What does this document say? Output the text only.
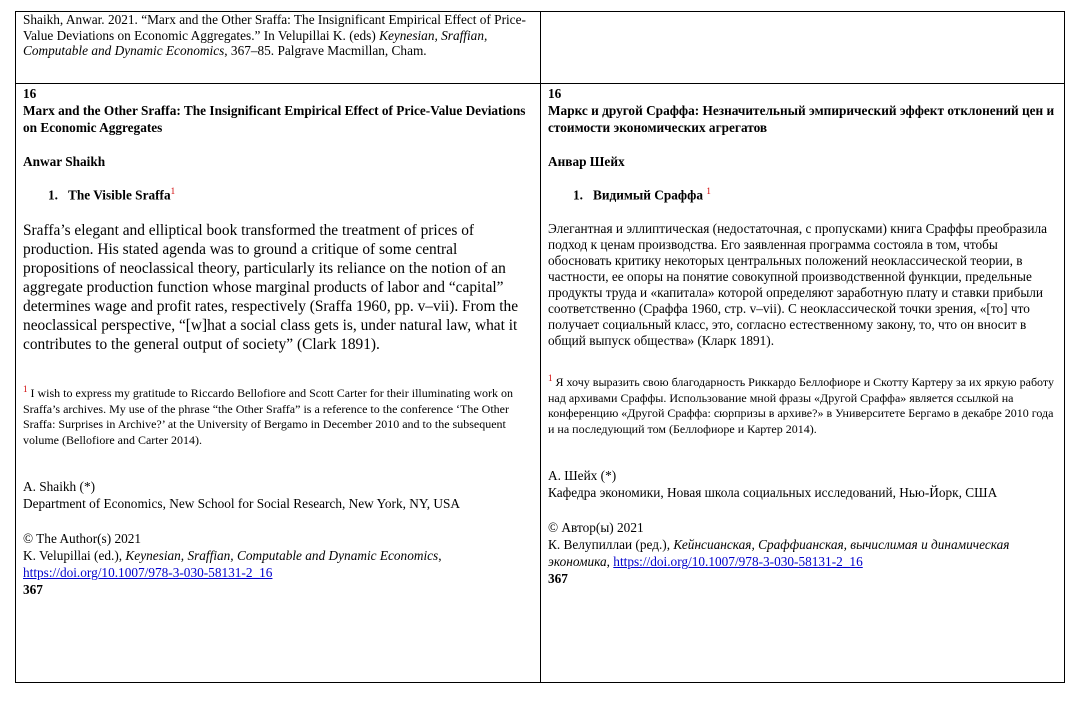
Shaikh, Anwar. 2021. “Marx and the Other Sraffa: The Insignificant Empirical Effect of Price-Value Deviations on Economic Aggregates.” In Velupillai K. (eds) Keynesian, Sraffian, Computable and Dynamic Economics, 367–85. Palgrave Macmillan, Cham.
16
Marx and the Other Sraffa: The Insignificant Empirical Effect of Price-Value Deviations on Economic Aggregates
Anwar Shaikh
1.   The Visible Sraffa$^1$
Sraffa’s elegant and elliptical book transformed the treatment of prices of production. His stated agenda was to ground a critique of some central propositions of neoclassical theory, particularly its reliance on the notion of an aggregate production function whose marginal products of labor and “capital” determines wage and profit rates, respectively (Sraffa 1960, pp. v–vii). From the neoclassical perspective, “[w]hat a social class gets is, under natural law, what it contributes to the general output of society” (Clark 1891).
$^1$ I wish to express my gratitude to Riccardo Bellofiore and Scott Carter for their illuminating work on Sraffa’s archives. My use of the phrase “the Other Sraffa” is a reference to the conference ‘The Other Sraffa: Surprises in Archive?’ at the University of Bergamo in December 2010 and to the subsequent volume (Bellofiore and Carter 2014).
A. Shaikh (*)
Department of Economics, New School for Social Research, New York, NY, USA
© The Author(s) 2021
K. Velupillai (ed.), Keynesian, Sraffian, Computable and Dynamic Economics,
https://doi.org/10.1007/978-3-030-58131-2_16
367
16
Маркс и другой Сраффа: Незначительный эмпирический эффект отклонений цен и стоимости экономических агрегатов
Анвар Шейх
1.   Видимый Сраффа $^1$
Элегантная и эллиптическая (недостаточная, с пропусками) книга Сраффы преобразила подход к ценам производства. Его заявленная программа состояла в том, чтобы обосновать критику некоторых центральных положений неоклассической теории, в частности, ее опоры на понятие совокупной производственной функции, предельные продукты труда и «капитала» которой определяют заработную плату и ставки прибыли соответственно (Сраффа 1960, стр. v–vii). С неоклассической точки зрения, «[то] что получает социальный класс, это, согласно естественному закону, то, что он вносит в общий выпуск общества» (Кларк 1891).
$^1$ Я хочу выразить свою благодарность Риккардо Беллофиоре и Скотту Картеру за их яркую работу над архивами Сраффы. Использование мной фразы «Другой Сраффа» является ссылкой на конференцию «Другой Сраффа: сюрпризы в архиве?» в Университете Бергамо в декабре 2010 года и на последующий том (Беллофиоре и Картер 2014).
А. Шейх (*)
Кафедра экономики, Новая школа социальных исследований, Нью-Йорк, США
© Автор(ы) 2021
К. Велупиллаи (ред.), Кейнсианская, Сраффианская, вычислимая и динамическая экономика, https://doi.org/10.1007/978-3-030-58131-2_16
367
